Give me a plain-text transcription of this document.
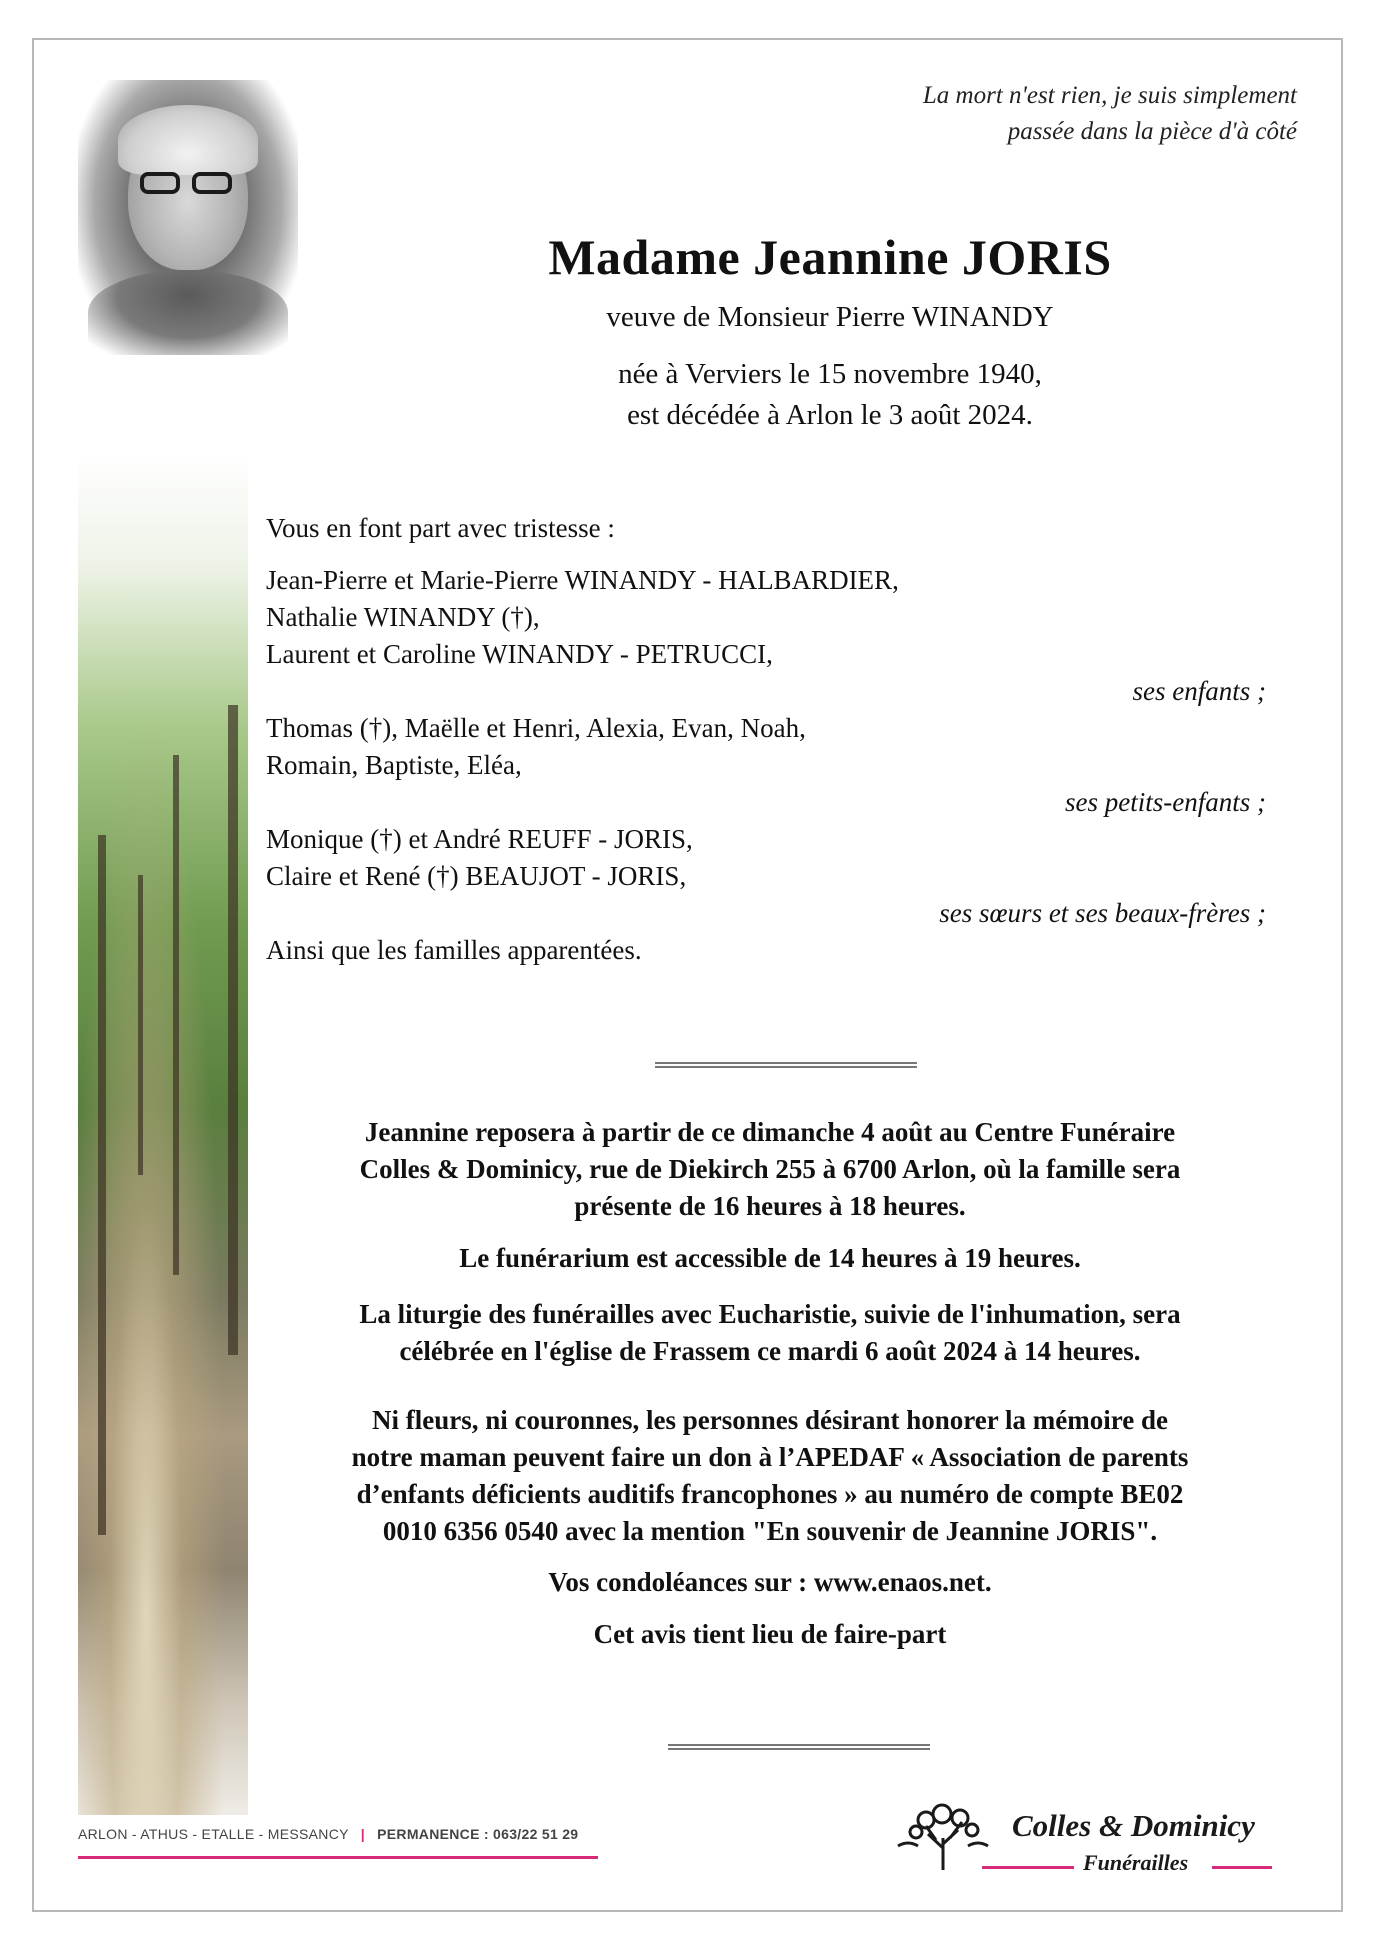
La mort n'est rien, je suis simplement
passée dans la pièce d'à côté
Madame Jeannine JORIS
veuve de Monsieur Pierre WINANDY
née à Verviers le 15 novembre 1940,
est décédée à Arlon le 3 août 2024.
Vous en font part avec tristesse :
Jean-Pierre et Marie-Pierre WINANDY - HALBARDIER,
Nathalie WINANDY (†),
Laurent et Caroline WINANDY - PETRUCCI,
ses enfants ;
Thomas (†), Maëlle et Henri, Alexia, Evan, Noah,
Romain, Baptiste, Eléa,
ses petits-enfants ;
Monique (†) et André REUFF - JORIS,
Claire et René (†) BEAUJOT - JORIS,
ses sœurs et ses beaux-frères ;
Ainsi que les familles apparentées.
Jeannine reposera à partir de ce dimanche 4 août au Centre Funéraire
Colles & Dominicy, rue de Diekirch 255 à 6700 Arlon, où la famille sera
présente de 16 heures à 18 heures.
Le funérarium est accessible de 14 heures à 19 heures.
La liturgie des funérailles avec Eucharistie, suivie de l'inhumation, sera
célébrée en l'église de Frassem ce mardi 6 août 2024 à 14 heures.
Ni fleurs, ni couronnes, les personnes désirant honorer la mémoire de
notre maman peuvent faire un don à l’APEDAF « Association de parents
d’enfants déficients auditifs francophones » au numéro de compte BE02
0010 6356 0540 avec la mention "En souvenir de Jeannine JORIS".
Vos condoléances sur : www.enaos.net.
Cet avis tient lieu de faire-part
ARLON - ATHUS - ETALLE - MESSANCY | PERMANENCE : 063/22 51 29	Colles & Dominicy
Funérailles
